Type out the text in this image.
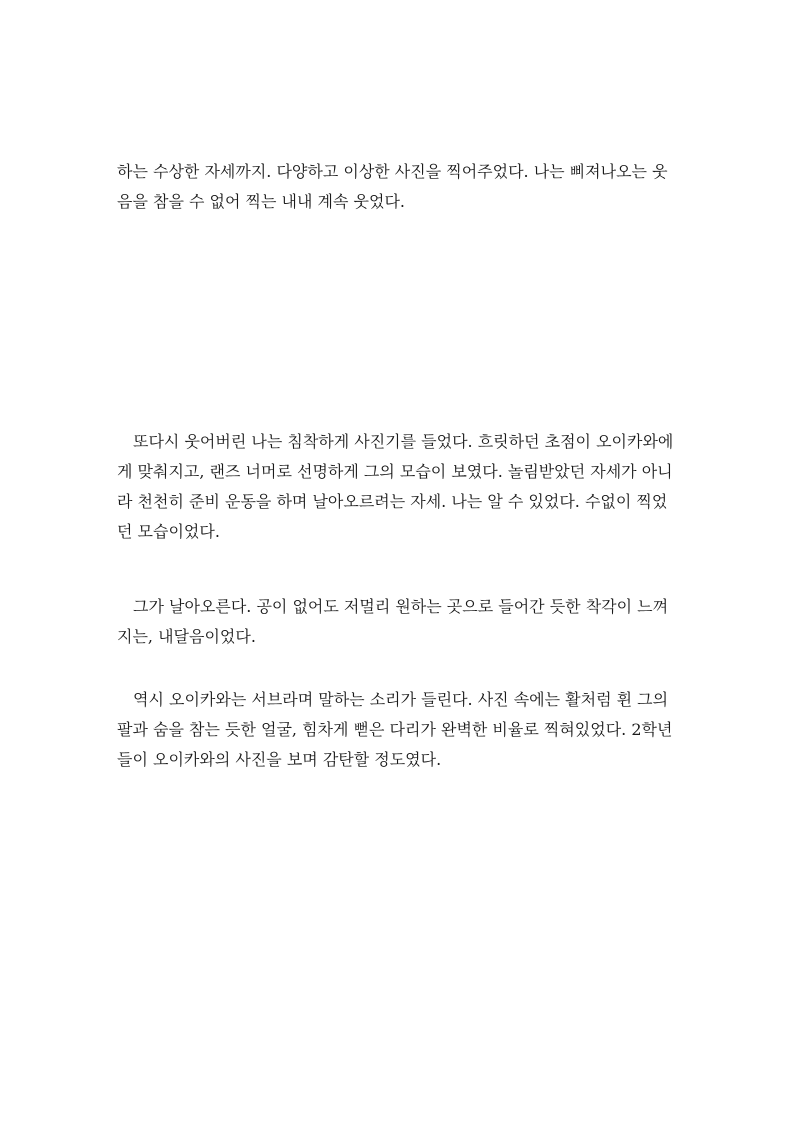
하는 수상한 자세까지. 다양하고 이상한 사진을 찍어주었다. 나는 삐져나오는 웃
음을 참을 수 없어 찍는 내내 계속 웃었다.

또다시 웃어버린 나는 침착하게 사진기를 들었다. 흐릿하던 초점이 오이카와에
게 맞춰지고, 랜즈 너머로 선명하게 그의 모습이 보였다. 놀림받았던 자세가 아니
라 천천히 준비 운동을 하며 날아오르려는 자세. 나는 알 수 있었다. 수없이 찍었
던 모습이었다.

그가 날아오른다. 공이 없어도 저멀리 원하는 곳으로 들어간 듯한 착각이 느껴
지는, 내달음이었다.

역시 오이카와는 서브라며 말하는 소리가 들린다. 사진 속에는 활처럼 휜 그의
팔과 숨을 참는 듯한 얼굴, 힘차게 뻗은 다리가 완벽한 비율로 찍혀있었다. 2학년
들이 오이카와의 사진을 보며 감탄할 정도였다.
